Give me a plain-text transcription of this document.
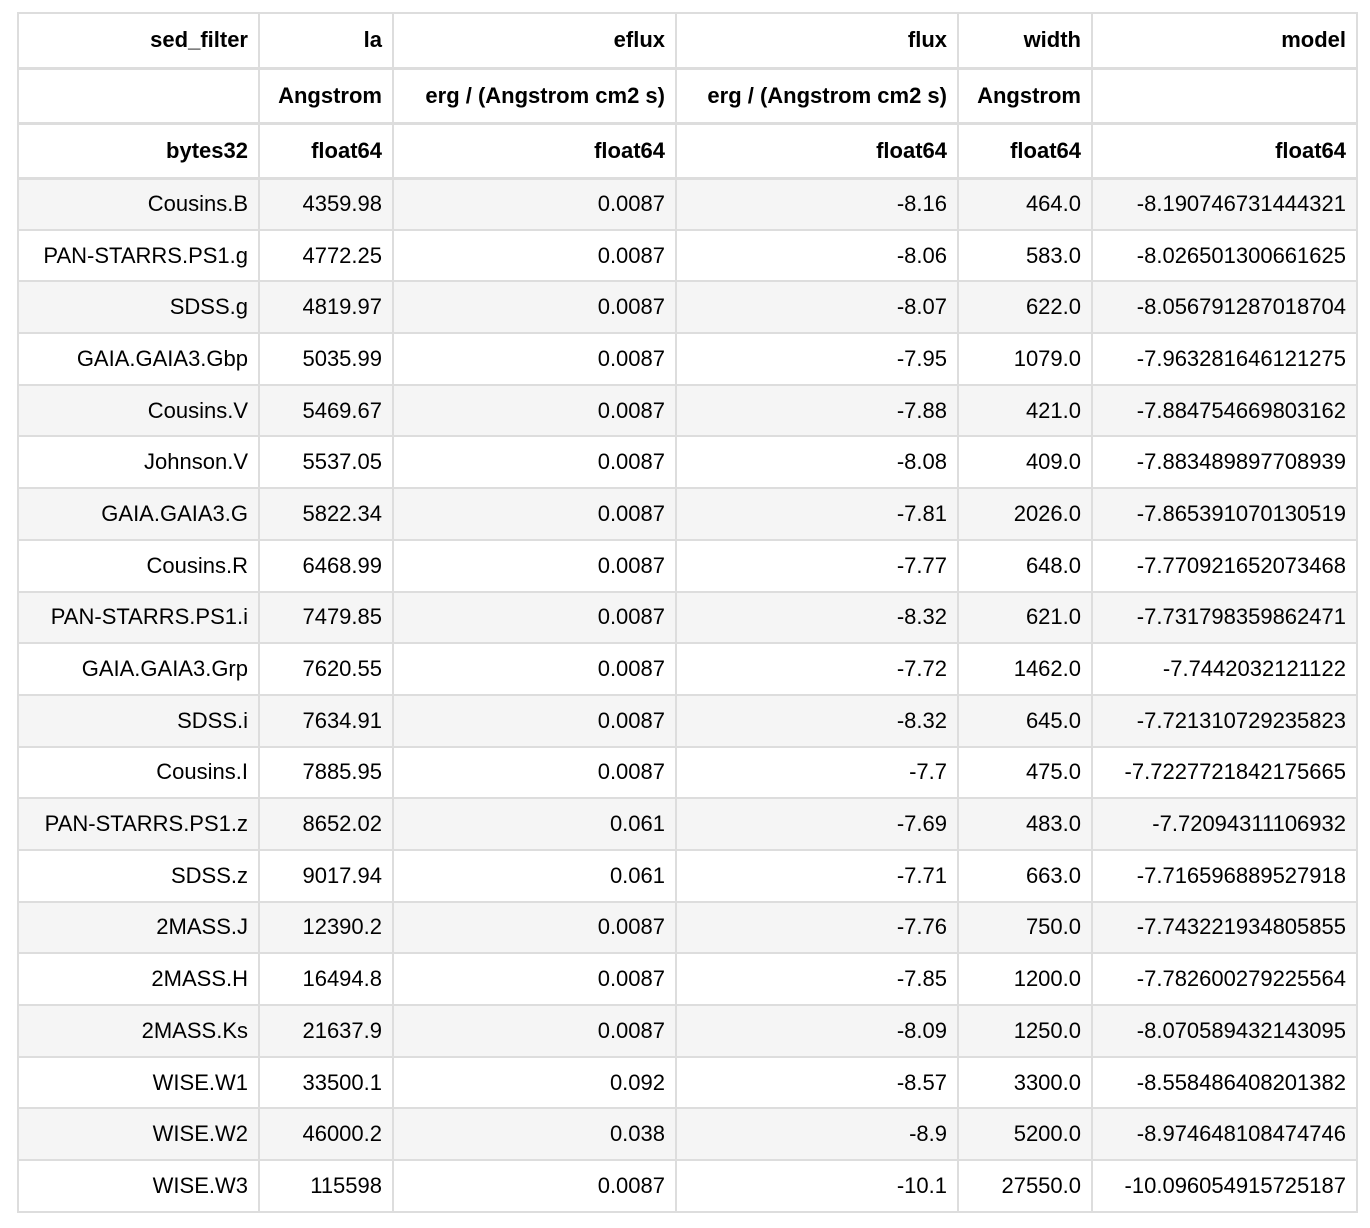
sed_filter	la	eflux	flux	width	model
	Angstrom	erg / (Angstrom cm2 s)	erg / (Angstrom cm2 s)	Angstrom	
bytes32	float64	float64	float64	float64	float64
Cousins.B	4359.98	0.0087	-8.16	464.0	-8.190746731444321
PAN-STARRS.PS1.g	4772.25	0.0087	-8.06	583.0	-8.026501300661625
SDSS.g	4819.97	0.0087	-8.07	622.0	-8.056791287018704
GAIA.GAIA3.Gbp	5035.99	0.0087	-7.95	1079.0	-7.963281646121275
Cousins.V	5469.67	0.0087	-7.88	421.0	-7.884754669803162
Johnson.V	5537.05	0.0087	-8.08	409.0	-7.883489897708939
GAIA.GAIA3.G	5822.34	0.0087	-7.81	2026.0	-7.865391070130519
Cousins.R	6468.99	0.0087	-7.77	648.0	-7.770921652073468
PAN-STARRS.PS1.i	7479.85	0.0087	-8.32	621.0	-7.731798359862471
GAIA.GAIA3.Grp	7620.55	0.0087	-7.72	1462.0	-7.7442032121122
SDSS.i	7634.91	0.0087	-8.32	645.0	-7.721310729235823
Cousins.I	7885.95	0.0087	-7.7	475.0	-7.7227721842175665
PAN-STARRS.PS1.z	8652.02	0.061	-7.69	483.0	-7.72094311106932
SDSS.z	9017.94	0.061	-7.71	663.0	-7.716596889527918
2MASS.J	12390.2	0.0087	-7.76	750.0	-7.743221934805855
2MASS.H	16494.8	0.0087	-7.85	1200.0	-7.782600279225564
2MASS.Ks	21637.9	0.0087	-8.09	1250.0	-8.070589432143095
WISE.W1	33500.1	0.092	-8.57	3300.0	-8.558486408201382
WISE.W2	46000.2	0.038	-8.9	5200.0	-8.974648108474746
WISE.W3	115598	0.0087	-10.1	27550.0	-10.096054915725187
